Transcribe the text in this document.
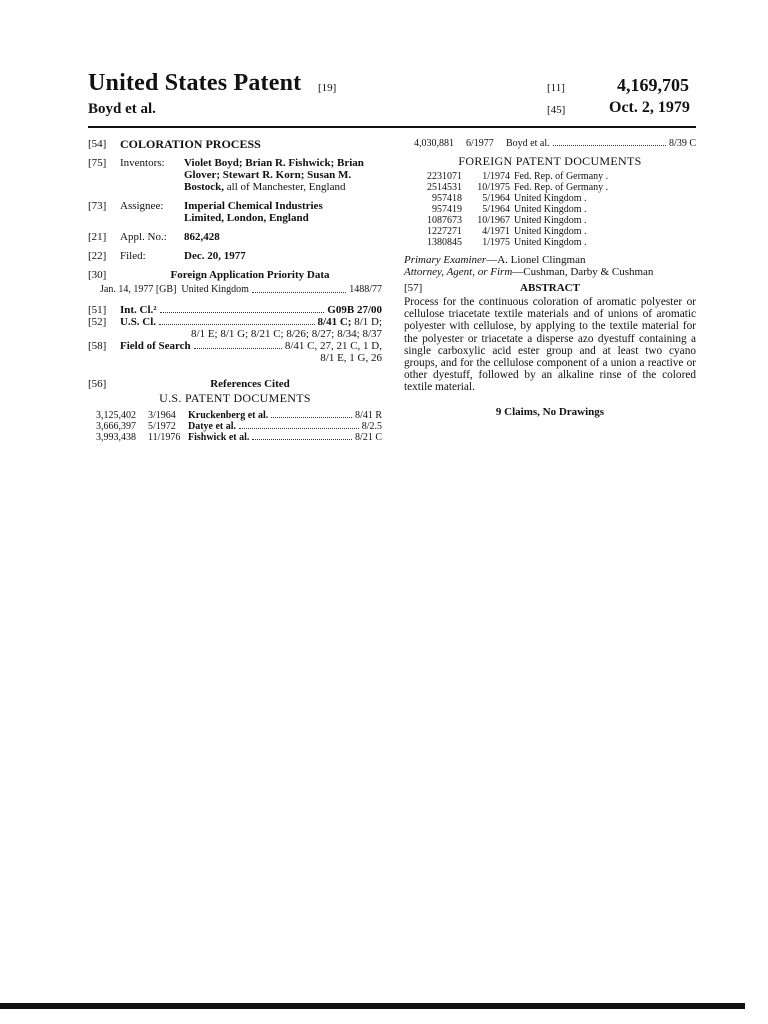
United States Patent [19]
Boyd et al.
[11]	4,169,705
[45]	Oct. 2, 1979
[54]	COLORATION PROCESS
[75]	Inventors: Violet Boyd; Brian R. Fishwick; Brian Glover; Stewart R. Korn; Susan M. Bostock, all of Manchester, England
[73]	Assignee: Imperial Chemical Industries
Limited, London, England
[21]	Appl. No.: 862,428
[22]	Filed:	Dec. 20, 1977
[30]	Foreign Application Priority Data
Jan. 14, 1977
[GB]
United Kingdom	1488/77
[51]	Int. Cl.²	G09B 27/00
[52]	U.S. Cl.	8/41 C; 8/1 D;
8/1 E; 8/1 G; 8/21 C; 8/26; 8/27; 8/34; 8/37
[58]	Field of Search	8/41 C, 27, 21 C, 1 D,
8/1 E, 1 G, 26
[56]	References Cited
U.S. PATENT DOCUMENTS
3,125,402	3/1964	Kruckenberg et al.	8/41 R
3,666,397	5/1972	Datye et al.	8/2.5
3,993,438	11/1976 Fishwick et al.	8/21 C
4,030,881	6/1977	Boyd et al.	8/39 C
FOREIGN PATENT DOCUMENTS
2231071	1/1974 Fed. Rep. of Germany .
2514531	10/1975 Fed. Rep. of Germany .
957418	5/1964 United Kingdom .
957419	5/1964 United Kingdom .
1087673	10/1967 United Kingdom .
1227271	4/1971 United Kingdom .
1380845	1/1975 United Kingdom .
Primary Examiner—A. Lionel Clingman
Attorney, Agent, or Firm—Cushman, Darby & Cushman
[57]	ABSTRACT
Process for the continuous coloration of aromatic polyester or cellulose triacetate textile materials and of unions of aromatic polyester with cellulose, by applying to the textile material for the polyester or triacetate a disperse azo dyestuff containing a single carboxylic acid ester group and at least two cyano groups, and for the cellulose component of a union a reactive or other dyestuff, followed by an alkaline rinse of the colored textile material.
9 Claims, No Drawings
